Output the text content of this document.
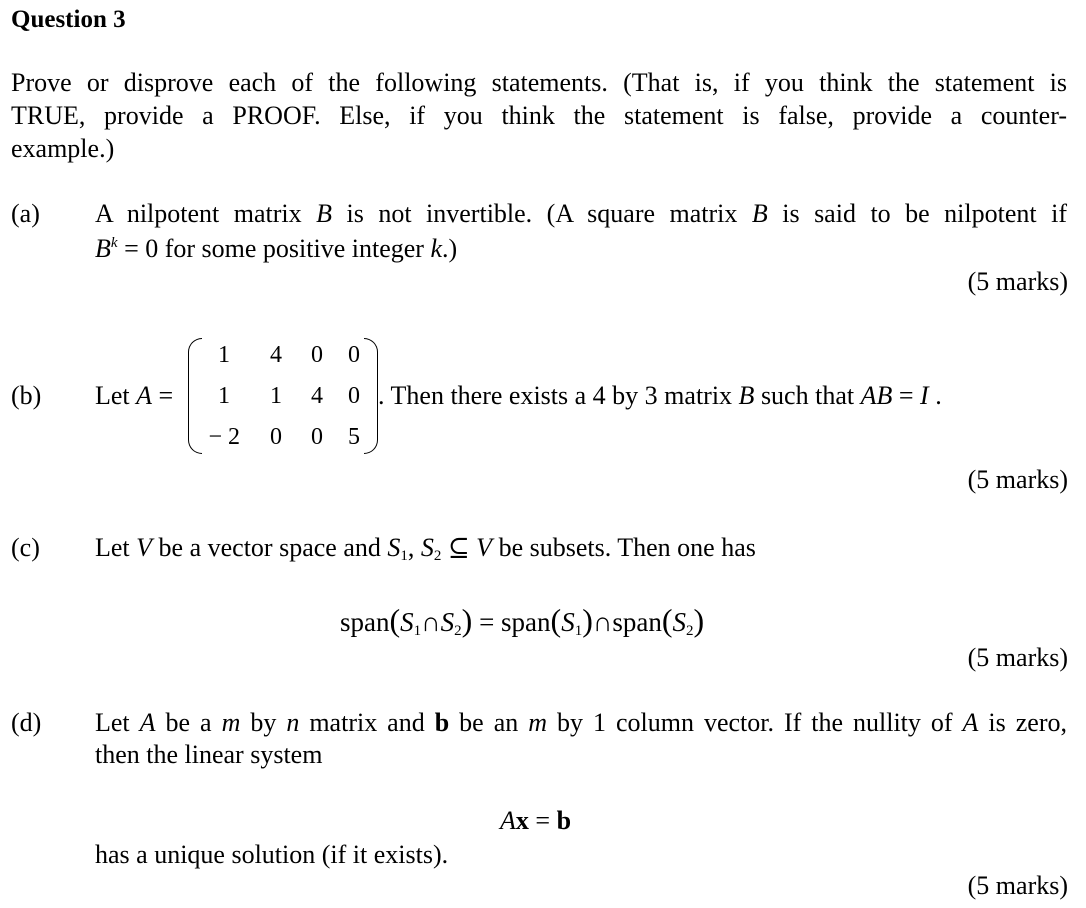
Question 3
Prove or disprove each of the following statements. (That is, if you think the statement is
TRUE, provide a PROOF. Else, if you think the statement is false, provide a counter-
example.)
(a) A nilpotent matrix B is not invertible. (A square matrix B is said to be nilpotent if
$B^k = 0$ for some positive integer k.)
(5 marks)
(b) Let A =
1	4	0	0
1	1	4	0
− 2	0	0	5
. Then there exists a 4 by 3 matrix B such that AB = I .
(5 marks)
(c) Let V be a vector space and $S_1$, $S_2$ ⊆ V be subsets. Then one has
$span(S_1\cap S_2)$ = $span(S_1)\cap span(S_2)$
(5 marks)
(d) Let A be a m by n matrix and b be an m by 1 column vector. If the nullity of A is zero,
then the linear system
Ax = b
has a unique solution (if it exists).
(5 marks)
